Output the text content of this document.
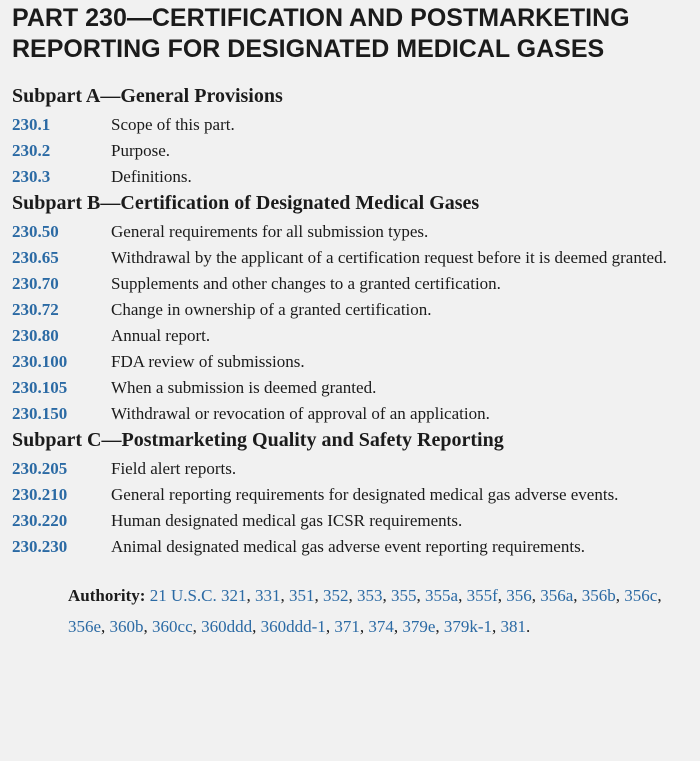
PART 230—CERTIFICATION AND POSTMARKETING
REPORTING FOR DESIGNATED MEDICAL GASES
Subpart A—General Provisions
230.1	Scope of this part.
230.2	Purpose.
230.3	Definitions.
Subpart B—Certification of Designated Medical Gases
230.50	General requirements for all submission types.
230.65	Withdrawal by the applicant of a certification request before it is deemed granted.
230.70	Supplements and other changes to a granted certification.
230.72	Change in ownership of a granted certification.
230.80	Annual report.
230.100	FDA review of submissions.
230.105	When a submission is deemed granted.
230.150	Withdrawal or revocation of approval of an application.
Subpart C—Postmarketing Quality and Safety Reporting
230.205	Field alert reports.
230.210	General reporting requirements for designated medical gas adverse events.
230.220	Human designated medical gas ICSR requirements.
230.230	Animal designated medical gas adverse event reporting requirements.

Authority: 21 U.S.C. 321, 331, 351, 352, 353, 355, 355a, 355f, 356, 356a, 356b, 356c, 356e, 360b, 360cc, 360ddd, 360ddd-1, 371, 374, 379e, 379k-1, 381.
